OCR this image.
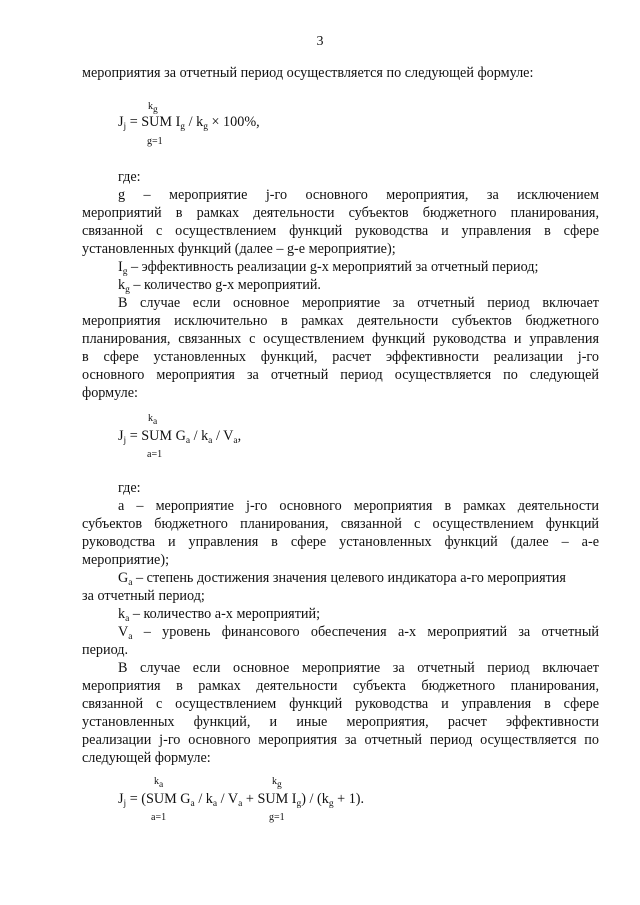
3
мероприятия за отчетный период осуществляется по следующей формуле:
$k_g$
$J_j$ = SUM $I_g / k_g \times 100\%$,
g=1
где:
g – мероприятие j-го основного мероприятия, за исключением
мероприятий в рамках деятельности субъектов бюджетного планирования,
связанной с осуществлением функций руководства и управления в сфере
установленных функций (далее – g-е мероприятие);
$I_g$ – эффективность реализации g-х мероприятий за отчетный период;
$k_g$ – количество g-х мероприятий.
В случае если основное мероприятие за отчетный период включает
мероприятия исключительно в рамках деятельности субъектов бюджетного
планирования, связанных с осуществлением функций руководства и управления
в сфере установленных функций, расчет эффективности реализации j-го
основного мероприятия за отчетный период осуществляется по следующей
формуле:
$k_a$
$J_j$ = SUM $G_a / k_a / V_a$,
a=1
где:
a – мероприятие j-го основного мероприятия в рамках деятельности
субъектов бюджетного планирования, связанной с осуществлением функций
руководства и управления в сфере установленных функций (далее – a-е
мероприятие);
$G_a$ – степень достижения значения целевого индикатора a-го мероприятия
за отчетный период;
$k_a$ – количество a-х мероприятий;
$V_a$ – уровень финансового обеспечения a-х мероприятий за отчетный
период.
В случае если основное мероприятие за отчетный период включает
мероприятия в рамках деятельности субъекта бюджетного планирования,
связанной с осуществлением функций руководства и управления в сфере
установленных функций, и иные мероприятия, расчет эффективности
реализации j-го основного мероприятия за отчетный период осуществляется по
следующей формуле:
$k_a$	$k_g$
$J_j = (SUM$ $G_a / k_a / V_a$ + SUM $I_g) / (k_g + 1)$.
a=1	g=1
